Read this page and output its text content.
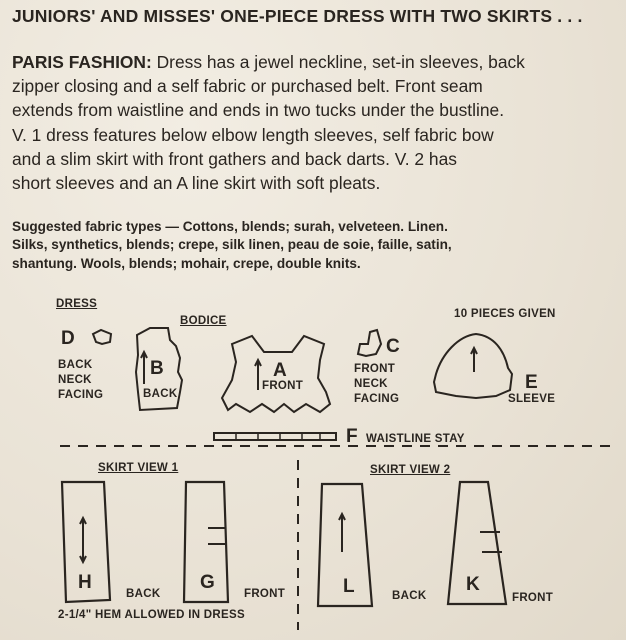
JUNIORS' AND MISSES' ONE-PIECE DRESS WITH TWO SKIRTS . . .
PARIS FASHION: Dress has a jewel neckline, set-in sleeves, back
zipper closing and a self fabric or purchased belt. Front seam
extends from waistline and ends in two tucks under the bustline.
V. 1 dress features below elbow length sleeves, self fabric bow
and a slim skirt with front gathers and back darts. V. 2 has
short sleeves and an A line skirt with soft pleats.
Suggested fabric types — Cottons, blends; surah, velveteen. Linen.
Silks, synthetics, blends; crepe, silk linen, peau de soie, faille, satin,
shantung. Wools, blends; mohair, crepe, double knits.
DRESS
BODICE
10 PIECES GIVEN
D
BACK
NECK
FACING
B
BACK
A
FRONT
C
FRONT
NECK
FACING
E
SLEEVE
F WAISTLINE STAY
SKIRT VIEW 1	SKIRT VIEW 2
H
BACK
G
FRONT	L	BACK
K
FRONT
2-1/4" HEM ALLOWED IN DRESS
